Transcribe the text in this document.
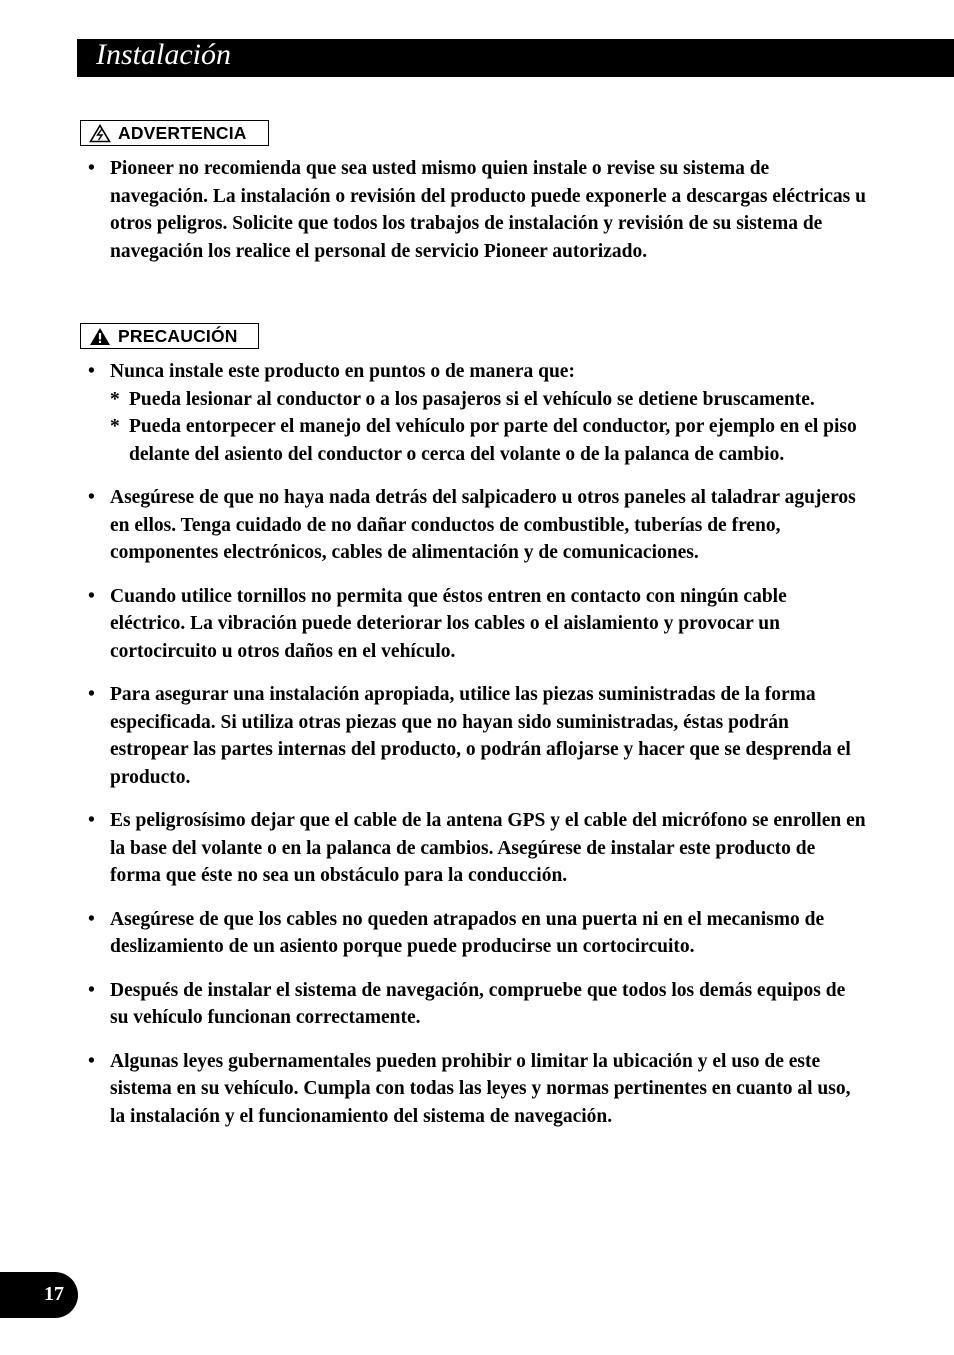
Instalación
ADVERTENCIA
• Pioneer no recomienda que sea usted mismo quien instale o revise su sistema de navegación. La instalación o revisión del producto puede exponerle a descargas eléctricas u otros peligros. Solicite que todos los trabajos de instalación y revisión de su sistema de navegación los realice el personal de servicio Pioneer autorizado.
PRECAUCIÓN
• Nunca instale este producto en puntos o de manera que:
* Pueda lesionar al conductor o a los pasajeros si el vehículo se detiene bruscamente.
* Pueda entorpecer el manejo del vehículo por parte del conductor, por ejemplo en el piso delante del asiento del conductor o cerca del volante o de la palanca de cambio.
• Asegúrese de que no haya nada detrás del salpicadero u otros paneles al taladrar agujeros en ellos. Tenga cuidado de no dañar conductos de combustible, tuberías de freno, componentes electrónicos, cables de alimentación y de comunicaciones.
• Cuando utilice tornillos no permita que éstos entren en contacto con ningún cable eléctrico. La vibración puede deteriorar los cables o el aislamiento y provocar un cortocircuito u otros daños en el vehículo.
• Para asegurar una instalación apropiada, utilice las piezas suministradas de la forma especificada. Si utiliza otras piezas que no hayan sido suministradas, éstas podrán estropear las partes internas del producto, o podrán aflojarse y hacer que se desprenda el producto.
• Es peligrosísimo dejar que el cable de la antena GPS y el cable del micrófono se enrollen en la base del volante o en la palanca de cambios. Asegúrese de instalar este producto de forma que éste no sea un obstáculo para la conducción.
• Asegúrese de que los cables no queden atrapados en una puerta ni en el mecanismo de deslizamiento de un asiento porque puede producirse un cortocircuito.
• Después de instalar el sistema de navegación, compruebe que todos los demás equipos de su vehículo funcionan correctamente.
• Algunas leyes gubernamentales pueden prohibir o limitar la ubicación y el uso de este sistema en su vehículo. Cumpla con todas las leyes y normas pertinentes en cuanto al uso, la instalación y el funcionamiento del sistema de navegación.
17
